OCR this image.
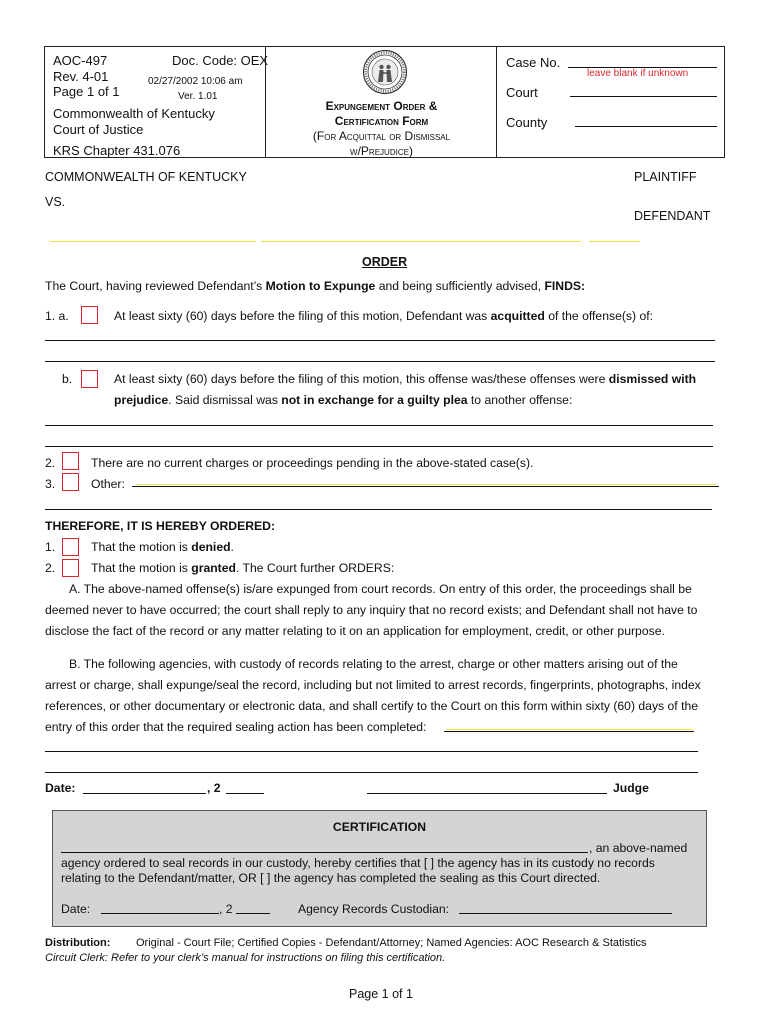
AOC-497
Rev. 4-01
Page 1 of 1
Doc. Code: OEX
02/27/2002 10:06 am
Ver. 1.01
Commonwealth of Kentucky
Court of Justice
KRS Chapter 431.076
Expungement Order &
Certification Form
(For Acquittal or Dismissal
w/Prejudice)
Case No.
leave blank if unknown
Court
County
COMMONWEALTH OF KENTUCKY	PLAINTIFF
VS.
DEFENDANT
ORDER
The Court, having reviewed Defendant’s Motion to Expunge and being sufficiently advised, FINDS:
1. a.	At least sixty (60) days before the filing of this motion, Defendant was acquitted of the offense(s) of:
b.	At least sixty (60) days before the filing of this motion, this offense was/these offenses were dismissed with
prejudice. Said dismissal was not in exchange for a guilty plea to another offense:
2.	There are no current charges or proceedings pending in the above-stated case(s).
3.	Other:
THEREFORE, IT IS HEREBY ORDERED:
1.	That the motion is denied.
2.	That the motion is granted. The Court further ORDERS:
A. The above-named offense(s) is/are expunged from court records. On entry of this order, the proceedings shall be
deemed never to have occurred; the court shall reply to any inquiry that no record exists; and Defendant shall not have to
disclose the fact of the record or any matter relating to it on an application for employment, credit, or other purpose.
B. The following agencies, with custody of records relating to the arrest, charge or other matters arising out of the
arrest or charge, shall expunge/seal the record, including but not limited to arrest records, fingerprints, photographs, index
references, or other documentary or electronic data, and shall certify to the Court on this form within sixty (60) days of the
entry of this order that the required sealing action has been completed:
Date:	, 2	Judge
CERTIFICATION
, an above-named
agency ordered to seal records in our custody, hereby certifies that [ ] the agency has in its custody no records
relating to the Defendant/matter, OR [ ] the agency has completed the sealing as this Court directed.
Date:	, 2	Agency Records Custodian:
Distribution: Original - Court File; Certified Copies - Defendant/Attorney; Named Agencies: AOC Research & Statistics
Circuit Clerk: Refer to your clerk’s manual for instructions on filing this certification.
Page 1 of 1
